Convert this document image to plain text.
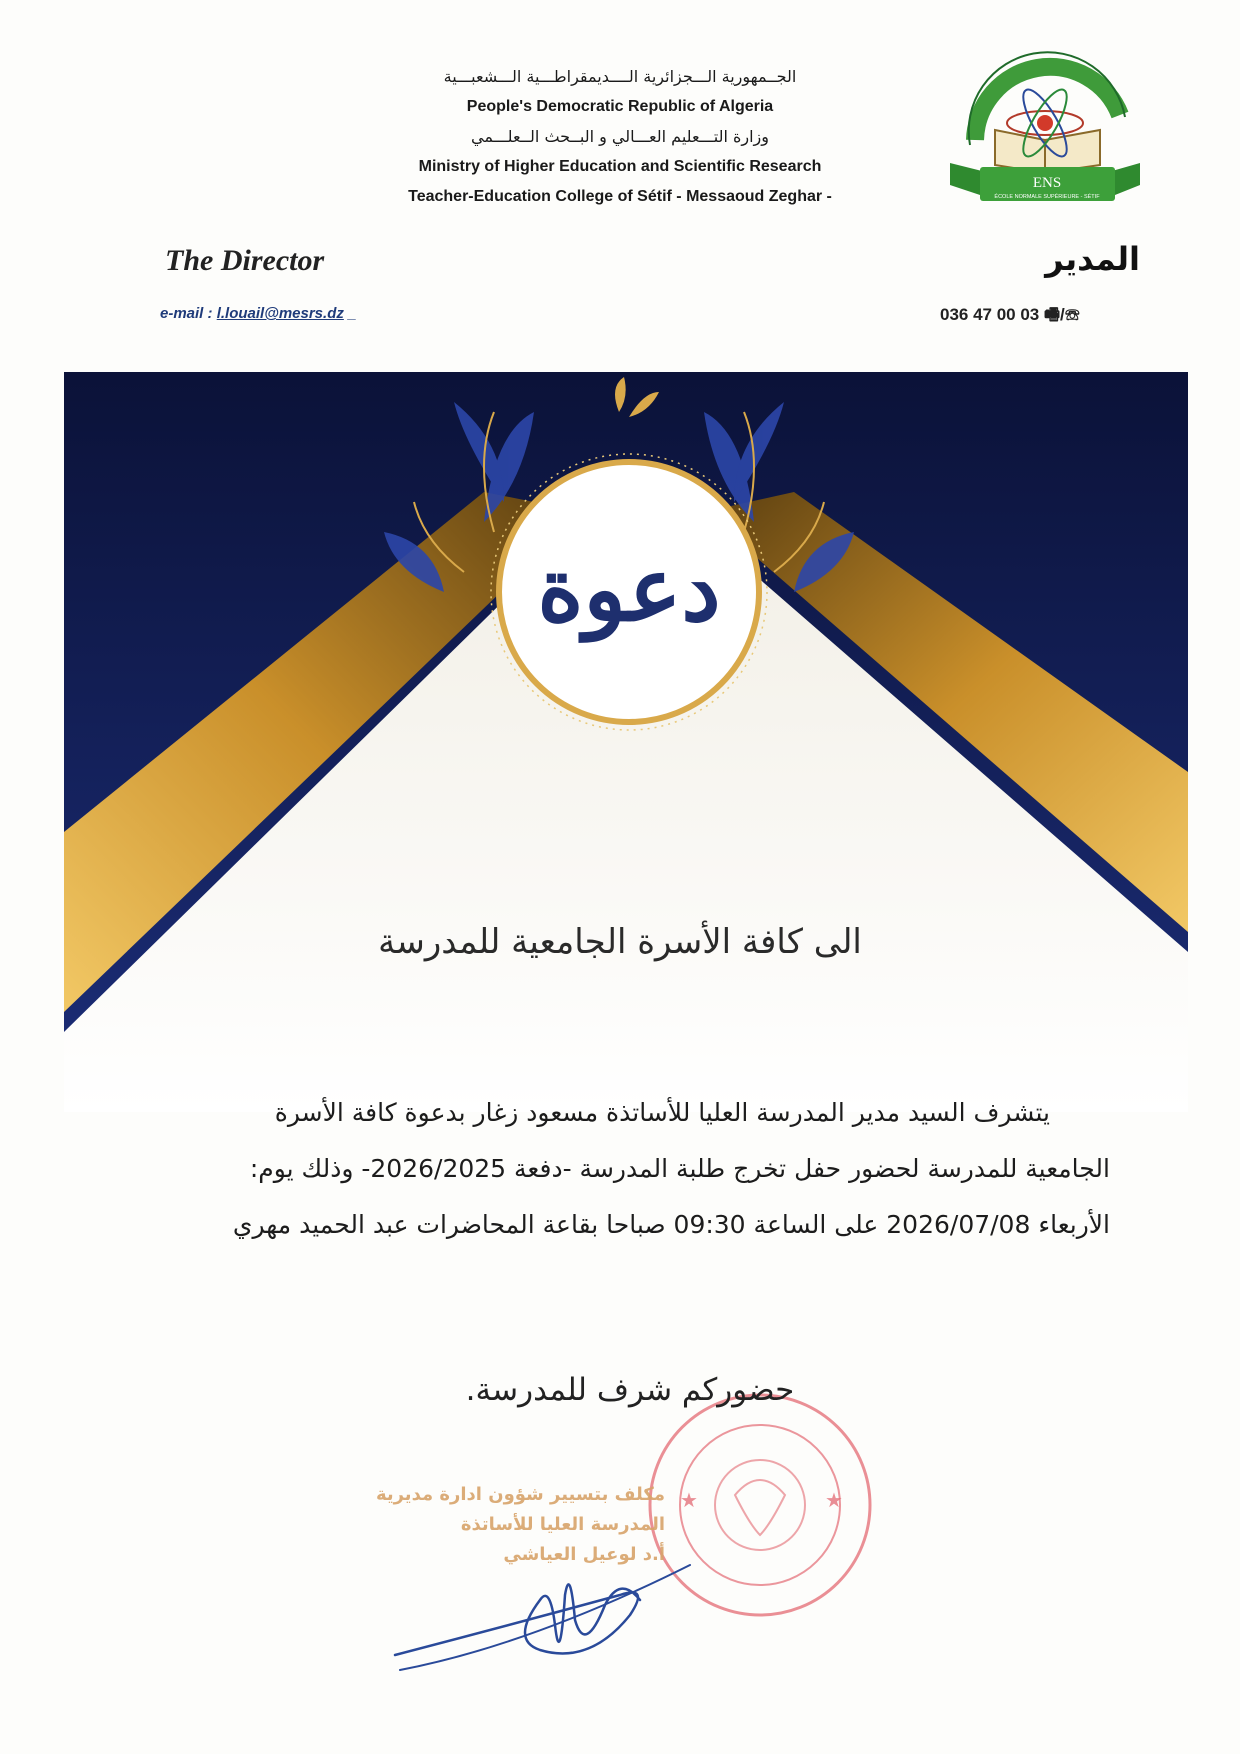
الجــمهورية الـــجزائرية الــــديمقراطـــية الـــشعبـــية
People's Democratic Republic of Algeria
وزارة التـــعليم العـــالي و البــحث الــعلـــمي
Ministry of Higher Education and Scientific Research
Teacher-Education College of Sétif - Messaoud Zeghar -
ENS
ÉCOLE NORMALE SUPÉRIEURE - SÉTIF
The Director	المدير
e-mail : l.louail@mesrs.dz _	036 47 00 03 🖷/☏
دعوة
الى كافة الأسرة الجامعية للمدرسة
يتشرف السيد مدير المدرسة العليا للأساتذة مسعود زغار بدعوة كافة الأسرة
الجامعية للمدرسة لحضور حفل تخرج طلبة المدرسة -دفعة 2026/2025- وذلك يوم:
الأربعاء 2026/07/08 على الساعة 09:30 صباحا بقاعة المحاضرات عبد الحميد مهري
★	★
حضوركم شرف للمدرسة.
مكلف بتسيير شؤون ادارة مديرية
المدرسة العليا للأساتذة
أ.د لوعيل العياشي
